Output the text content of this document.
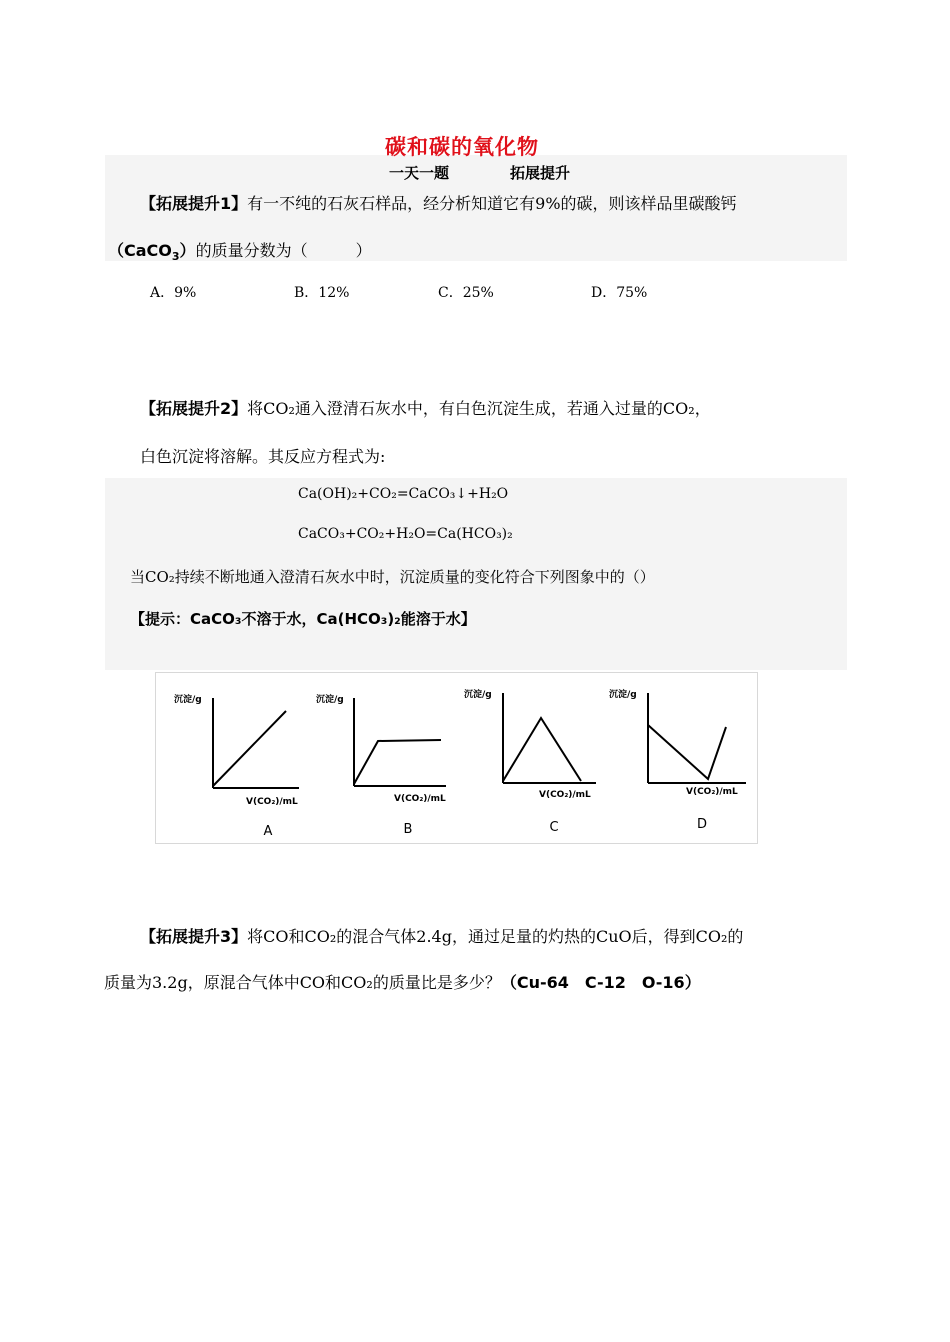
碳和碳的氧化物
一天一题	拓展提升
【拓展提升1】有一不纯的石灰石样品，经分析知道它有9%的碳，则该样品里碳酸钙
（CaCO$_3$）的质量分数为（　　　）
A．9%	B．12%	C．25%	D．75%
【拓展提升2】将CO₂通入澄清石灰水中，有白色沉淀生成，若通入过量的CO₂，
白色沉淀将溶解。其反应方程式为:
Ca(OH)₂+CO₂=CaCO₃↓+H₂O
CaCO₃+CO₂+H₂O=Ca(HCO₃)₂
当CO₂持续不断地通入澄清石灰水中时，沉淀质量的变化符合下列图象中的（）
【提示：CaCO₃不溶于水，Ca(HCO₃)₂能溶于水】
沉淀/g
V(CO₂)/mL
沉淀/g
V(CO₂)/mL
沉淀/g
V(CO₂)/mL
沉淀/g
V(CO₂)/mL
A	B	C	D
【拓展提升3】将CO和CO₂的混合气体2.4g，通过足量的灼热的CuO后，得到CO₂的
质量为3.2g，原混合气体中CO和CO₂的质量比是多少？（Cu-64　C-12　O-16）
